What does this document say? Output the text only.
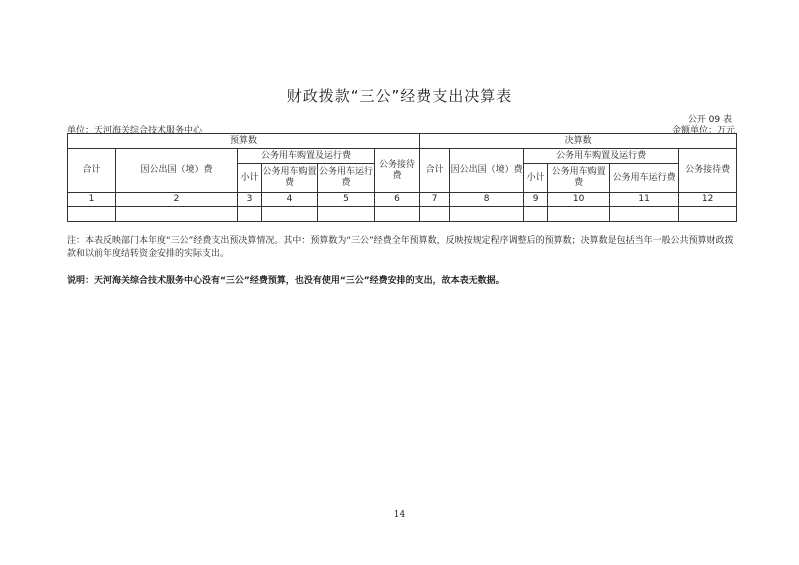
财政拨款“三公”经费支出决算表
公开 09 表
单位：天河海关综合技术服务中心	金额单位：万元
预算数						决算数					
合计	因公出国（境）费	公务用车购置及运行费			公务接待费	合计	因公出国（境）费	公务用车购置及运行费			公务接待费
		小计	公务用车购置费	公务用车运行费				小计	公务用车购置费	公务用车运行费	
1	2	3	4	5	6	7	8	9	10	11	12

注：本表反映部门本年度“三公”经费支出预决算情况。其中：预算数为“三公”经费全年预算数，反映按规定程序调整后的预算数；决算数是包括当年一般公共预算财政拨款和以前年度结转资金安排的实际支出。
说明：天河海关综合技术服务中心没有“三公”经费预算，也没有使用“三公”经费安排的支出，故本表无数据。
14
